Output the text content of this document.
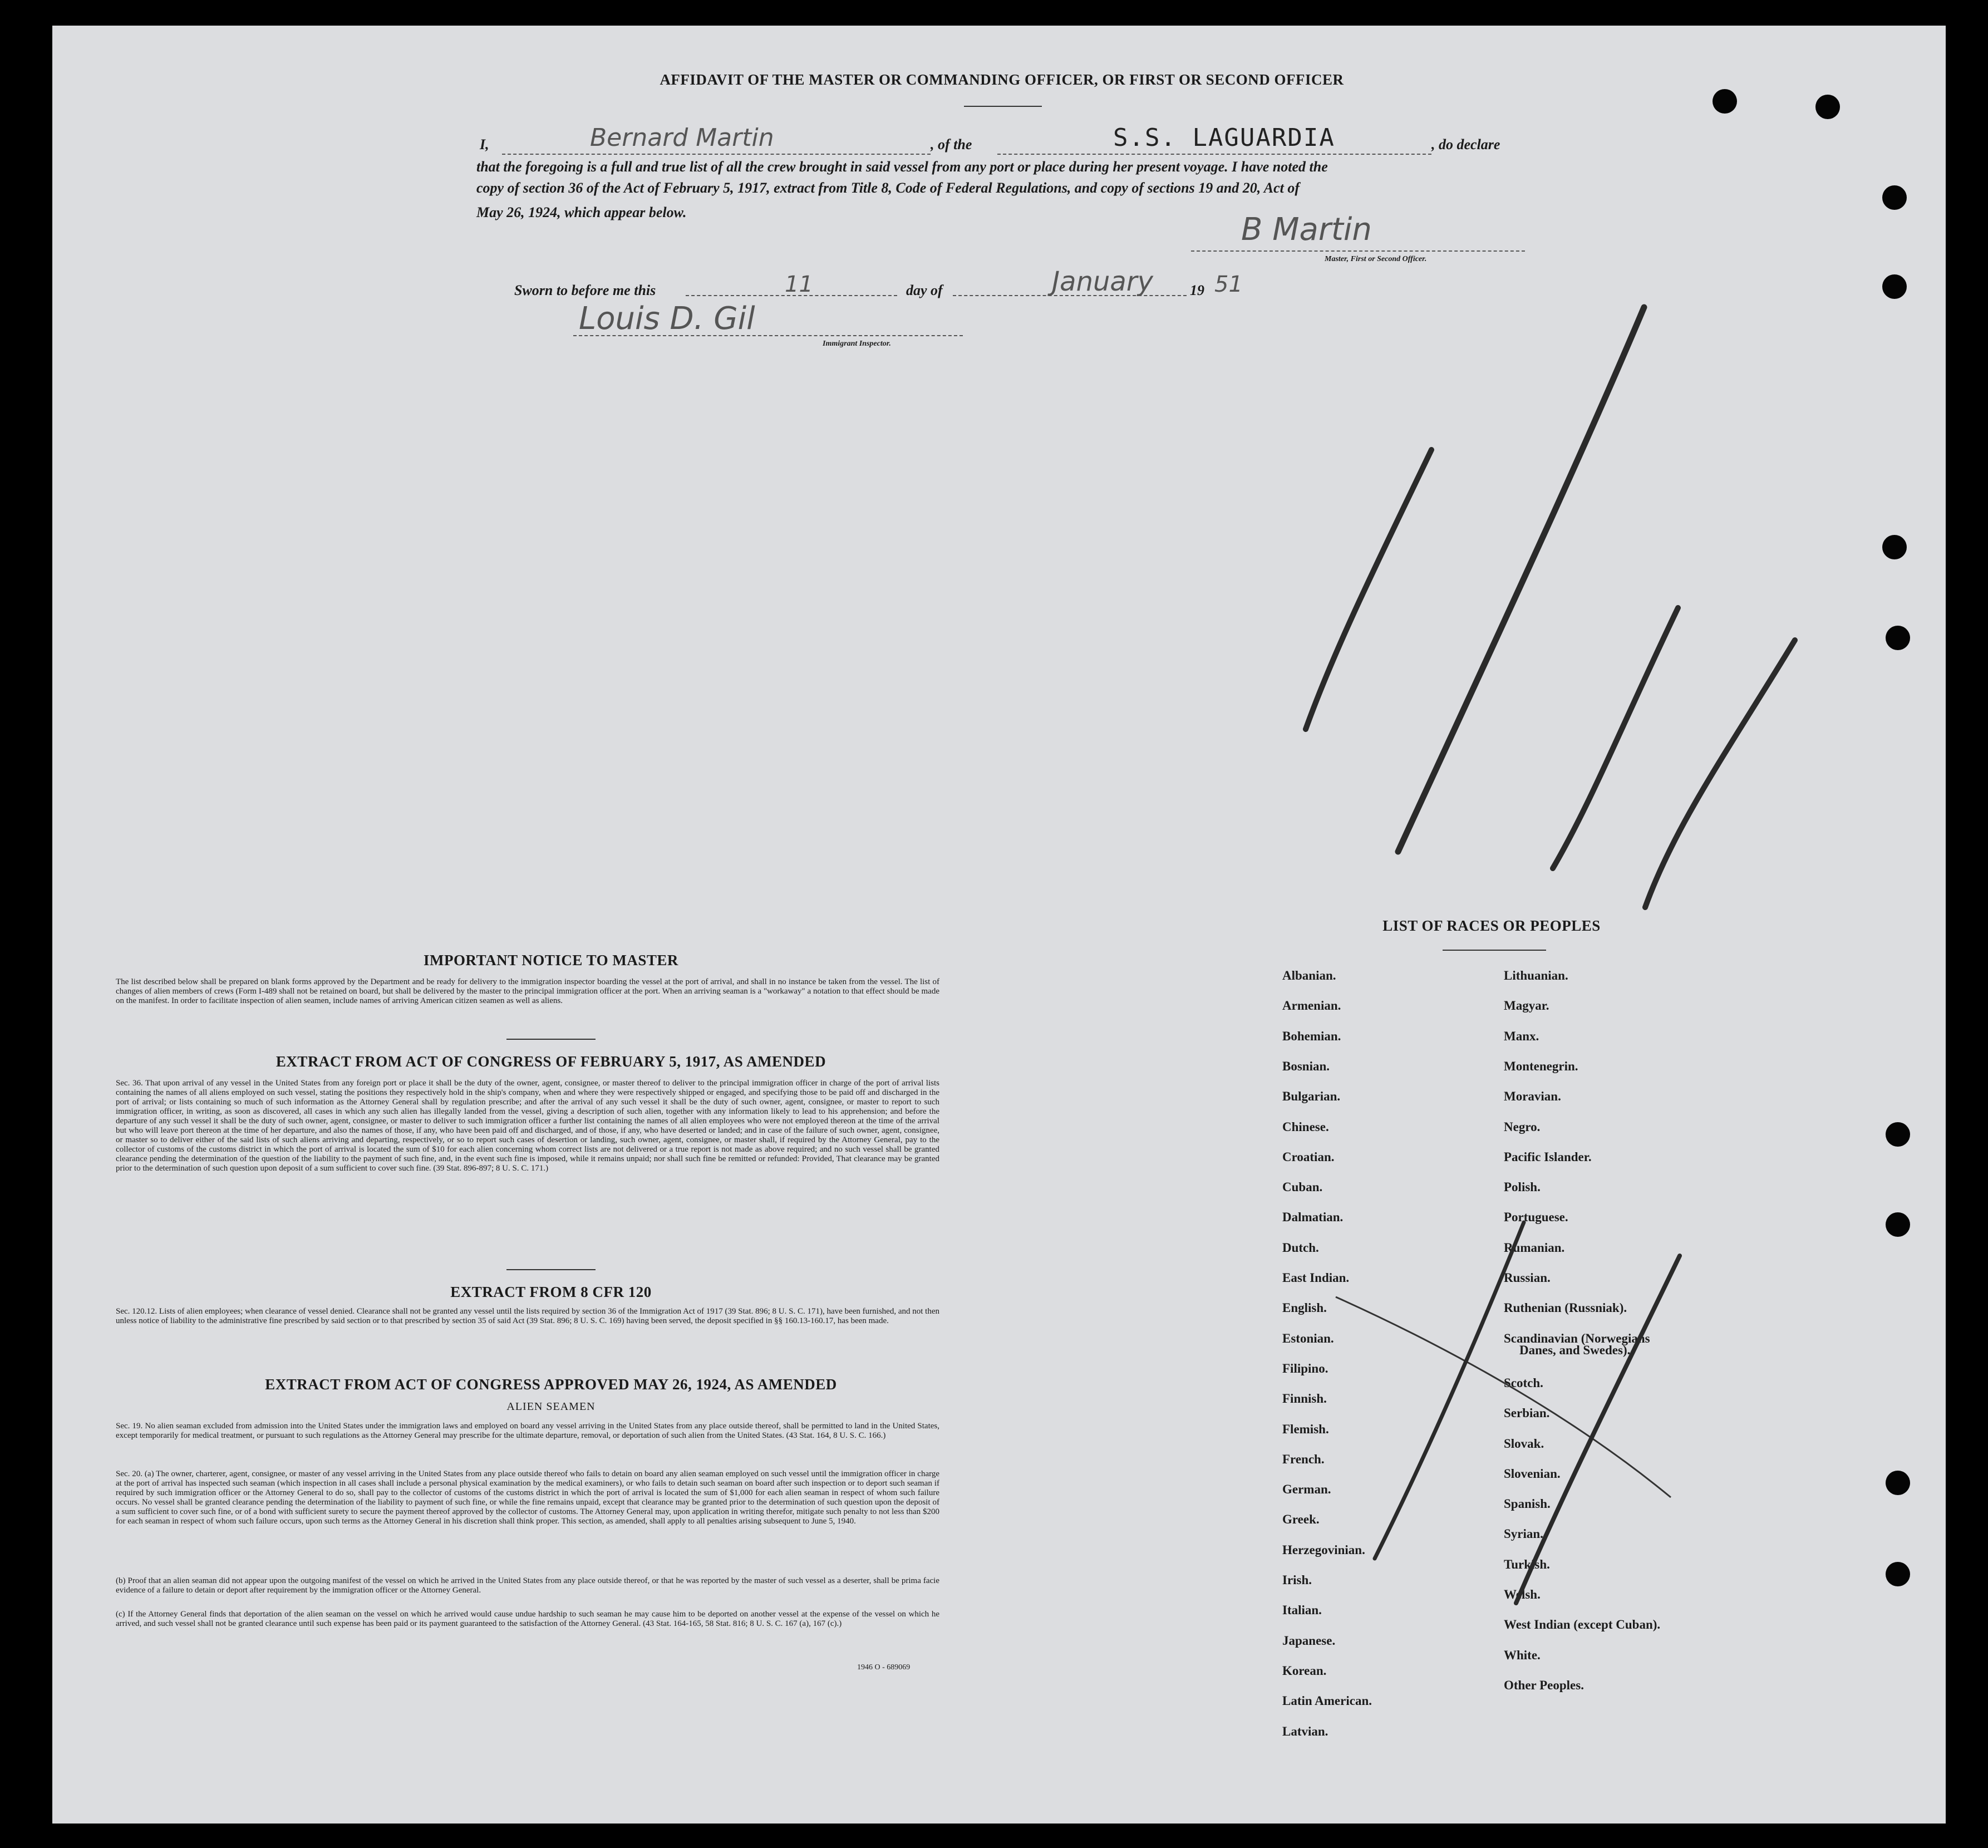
AFFIDAVIT OF THE MASTER OR COMMANDING OFFICER, OR FIRST OR SECOND OFFICER
I,	Bernard Martin	, of the	S.S. LAGUARDIA	, do declare
that the foregoing is a full and true list of all the crew brought in said vessel from any port or place during her present voyage. I have noted the
copy of section 36 of the Act of February 5, 1917, extract from Title 8, Code of Federal Regulations, and copy of sections 19 and 20, Act of
May 26, 1924, which appear below.	B Martin
Master, First or Second Officer.
Sworn to before me this	11	day of	January	19 51
Louis D. Gil
Immigrant Inspector.
IMPORTANT NOTICE TO MASTER
The list described below shall be prepared on blank forms approved by the Department and be ready for delivery to the immigration inspector boarding the vessel at the port of arrival, and shall in no instance be taken from the vessel. The list of changes of alien members of crews (Form I-489 shall not be retained on board, but shall be delivered by the master to the principal immigration officer at the port. When an arriving seaman is a "workaway" a notation to that effect should be made on the manifest. In order to facilitate inspection of alien seamen, include names of arriving American citizen seamen as well as aliens.
EXTRACT FROM ACT OF CONGRESS OF FEBRUARY 5, 1917, AS AMENDED
Sec. 36. That upon arrival of any vessel in the United States from any foreign port or place it shall be the duty of the owner, agent, consignee, or master thereof to deliver to the principal immigration officer in charge of the port of arrival lists containing the names of all aliens employed on such vessel, stating the positions they respectively hold in the ship's company, when and where they were respectively shipped or engaged, and specifying those to be paid off and discharged in the port of arrival; or lists containing so much of such information as the Attorney General shall by regulation prescribe; and after the arrival of any such vessel it shall be the duty of such owner, agent, consignee, or master to report to such immigration officer, in writing, as soon as discovered, all cases in which any such alien has illegally landed from the vessel, giving a description of such alien, together with any information likely to lead to his apprehension; and before the departure of any such vessel it shall be the duty of such owner, agent, consignee, or master to deliver to such immigration officer a further list containing the names of all alien employees who were not employed thereon at the time of the arrival but who will leave port thereon at the time of her departure, and also the names of those, if any, who have been paid off and discharged, and of those, if any, who have deserted or landed; and in case of the failure of such owner, agent, consignee, or master so to deliver either of the said lists of such aliens arriving and departing, respectively, or so to report such cases of desertion or landing, such owner, agent, consignee, or master shall, if required by the Attorney General, pay to the collector of customs of the customs district in which the port of arrival is located the sum of $10 for each alien concerning whom correct lists are not delivered or a true report is not made as above required; and no such vessel shall be granted clearance pending the determination of the question of the liability to the payment of such fine, and, in the event such fine is imposed, while it remains unpaid; nor shall such fine be remitted or refunded: Provided, That clearance may be granted prior to the determination of such question upon deposit of a sum sufficient to cover such fine. (39 Stat. 896-897; 8 U. S. C. 171.)
EXTRACT FROM 8 CFR 120
Sec. 120.12. Lists of alien employees; when clearance of vessel denied. Clearance shall not be granted any vessel until the lists required by section 36 of the Immigration Act of 1917 (39 Stat. 896; 8 U. S. C. 171), have been furnished, and not then unless notice of liability to the administrative fine prescribed by said section or to that prescribed by section 35 of said Act (39 Stat. 896; 8 U. S. C. 169) having been served, the deposit specified in §§ 160.13-160.17, has been made.
EXTRACT FROM ACT OF CONGRESS APPROVED MAY 26, 1924, AS AMENDED
ALIEN SEAMEN
Sec. 19. No alien seaman excluded from admission into the United States under the immigration laws and employed on board any vessel arriving in the United States from any place outside thereof, shall be permitted to land in the United States, except temporarily for medical treatment, or pursuant to such regulations as the Attorney General may prescribe for the ultimate departure, removal, or deportation of such alien from the United States. (43 Stat. 164, 8 U. S. C. 166.)
Sec. 20. (a) The owner, charterer, agent, consignee, or master of any vessel arriving in the United States from any place outside thereof who fails to detain on board any alien seaman employed on such vessel until the immigration officer in charge at the port of arrival has inspected such seaman (which inspection in all cases shall include a personal physical examination by the medical examiners), or who fails to detain such seaman on board after such inspection or to deport such seaman if required by such immigration officer or the Attorney General to do so, shall pay to the collector of customs of the customs district in which the port of arrival is located the sum of $1,000 for each alien seaman in respect of whom such failure occurs. No vessel shall be granted clearance pending the determination of the liability to payment of such fine, or while the fine remains unpaid, except that clearance may be granted prior to the determination of such question upon the deposit of a sum sufficient to cover such fine, or of a bond with sufficient surety to secure the payment thereof approved by the collector of customs. The Attorney General may, upon application in writing therefor, mitigate such penalty to not less than $200 for each seaman in respect of whom such failure occurs, upon such terms as the Attorney General in his discretion shall think proper. This section, as amended, shall apply to all penalties arising subsequent to June 5, 1940.
(b) Proof that an alien seaman did not appear upon the outgoing manifest of the vessel on which he arrived in the United States from any place outside thereof, or that he was reported by the master of such vessel as a deserter, shall be prima facie evidence of a failure to detain or deport after requirement by the immigration officer or the Attorney General.
(c) If the Attorney General finds that deportation of the alien seaman on the vessel on which he arrived would cause undue hardship to such seaman he may cause him to be deported on another vessel at the expense of the vessel on which he arrived, and such vessel shall not be granted clearance until such expense has been paid or its payment guaranteed to the satisfaction of the Attorney General. (43 Stat. 164-165, 58 Stat. 816; 8 U. S. C. 167 (a), 167 (c).)
1946 O - 689069
LIST OF RACES OR PEOPLES
Albanian.
Armenian.
Bohemian.
Bosnian.
Bulgarian.
Chinese.
Croatian.
Cuban.
Dalmatian.
Dutch.
East Indian.
English.
Estonian.
Filipino.
Finnish.
Flemish.
French.
German.
Greek.
Herzegovinian.
Irish.
Italian.
Japanese.
Korean.
Latin American.
Latvian.
Lithuanian.
Magyar.
Manx.
Montenegrin.
Moravian.
Negro.
Pacific Islander.
Polish.
Portuguese.
Rumanian.
Russian.
Ruthenian (Russniak).
Scandinavian (Norwegians
Scotch.
Serbian.
Slovak.
Slovenian.
Spanish.
Syrian.
Turkish.
Welsh.
West Indian (except Cuban).
White.
Other Peoples.
Danes, and Swedes).
